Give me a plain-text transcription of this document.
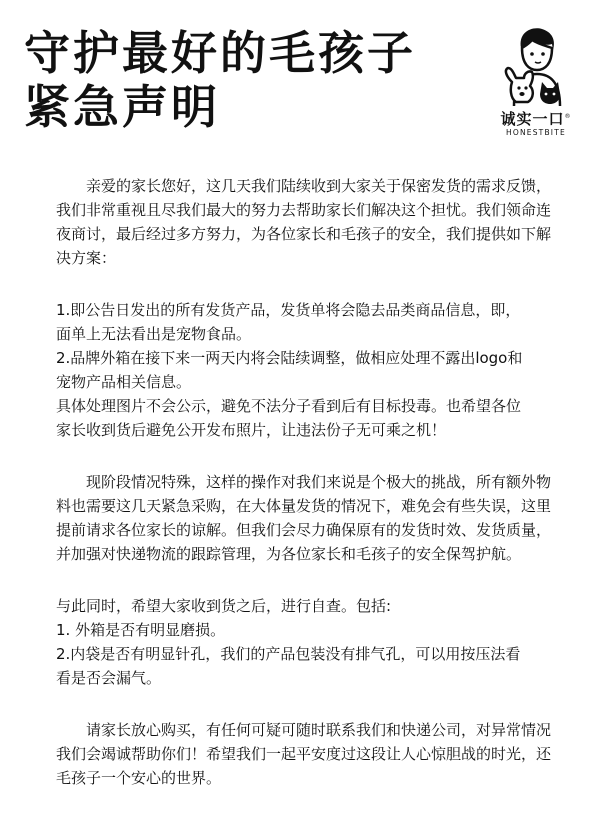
守护最好的毛孩子
紧急声明	诚实一口®
HONESTBITE

亲爱的家长您好，这几天我们陆续收到大家关于保密发货的需求反馈，
我们非常重视且尽我们最大的努力去帮助家长们解决这个担忧。我们领命连
夜商讨，最后经过多方努力，为各位家长和毛孩子的安全，我们提供如下解
决方案：

1.即公告日发出的所有发货产品，发货单将会隐去品类商品信息，即，
面单上无法看出是宠物食品。
2.品牌外箱在接下来一两天内将会陆续调整，做相应处理不露出logo和
宠物产品相关信息。
具体处理图片不会公示，避免不法分子看到后有目标投毒。也希望各位
家长收到货后避免公开发布照片，让违法份子无可乘之机！

现阶段情况特殊，这样的操作对我们来说是个极大的挑战，所有额外物
料也需要这几天紧急采购，在大体量发货的情况下，难免会有些失误，这里
提前请求各位家长的谅解。但我们会尽力确保原有的发货时效、发货质量，
并加强对快递物流的跟踪管理，为各位家长和毛孩子的安全保驾护航。

与此同时，希望大家收到货之后，进行自查。包括:
1. 外箱是否有明显磨损。
2.内袋是否有明显针孔，我们的产品包装没有排气孔，可以用按压法看
看是否会漏气。

请家长放心购买，有任何可疑可随时联系我们和快递公司，对异常情况
我们会竭诚帮助你们！希望我们一起平安度过这段让人心惊胆战的时光，还
毛孩子一个安心的世界。
